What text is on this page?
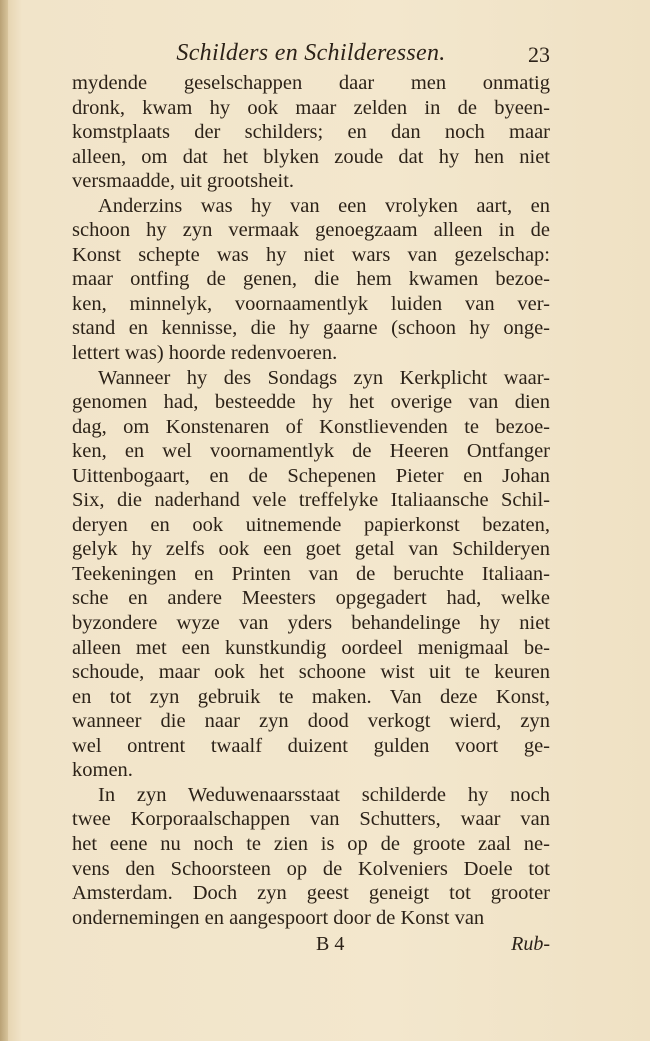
Schilders en Schilderessen.	23
mydende geselschappen daar men onmatig
dronk, kwam hy ook maar zelden in de byeen-
komstplaats der schilders; en dan noch maar
alleen, om dat het blyken zoude dat hy hen niet
versmaadde, uit grootsheit.
Anderzins was hy van een vrolyken aart, en
schoon hy zyn vermaak genoegzaam alleen in de
Konst schepte was hy niet wars van gezelschap:
maar ontfing de genen, die hem kwamen bezoe-
ken, minnelyk, voornaamentlyk luiden van ver-
stand en kennisse, die hy gaarne (schoon hy onge-
lettert was) hoorde redenvoeren.
Wanneer hy des Sondags zyn Kerkplicht waar-
genomen had, besteedde hy het overige van dien
dag, om Konstenaren of Konstlievenden te bezoe-
ken, en wel voornamentlyk de Heeren Ontfanger
Uittenbogaart, en de Schepenen Pieter en Johan
Six, die naderhand vele treffelyke Italiaansche Schil-
deryen en ook uitnemende papierkonst bezaten,
gelyk hy zelfs ook een goet getal van Schilderyen
Teekeningen en Printen van de beruchte Italiaan-
sche en andere Meesters opgegadert had, welke
byzondere wyze van yders behandelinge hy niet
alleen met een kunstkundig oordeel menigmaal be-
schoude, maar ook het schoone wist uit te keuren
en tot zyn gebruik te maken. Van deze Konst,
wanneer die naar zyn dood verkogt wierd, zyn
wel ontrent twaalf duizent gulden voort ge-
komen.
In zyn Weduwenaarsstaat schilderde hy noch
twee Korporaalschappen van Schutters, waar van
het eene nu noch te zien is op de groote zaal ne-
vens den Schoorsteen op de Kolveniers Doele tot
Amsterdam. Doch zyn geest geneigt tot grooter
ondernemingen en aangespoort door de Konst van
B 4	Rub-
